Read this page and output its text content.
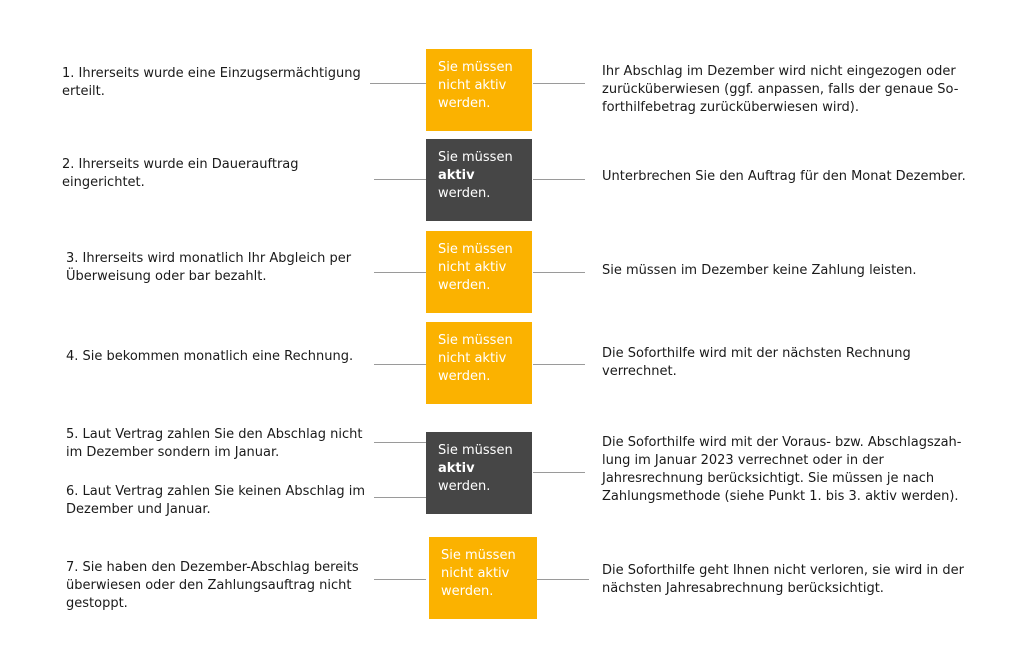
1. Ihrerseits wurde eine Einzugsermächtigung
erteilt.
Sie müssen
nicht aktiv
werden.
Ihr Abschlag im Dezember wird nicht eingezogen oder
zurücküberwiesen (ggf. anpassen, falls der genaue So-
forthilfebetrag zurücküberwiesen wird).
2. Ihrerseits wurde ein Dauerauftrag
eingerichtet.
Sie müssen
aktiv
werden.
Unterbrechen Sie den Auftrag für den Monat Dezember.
3. Ihrerseits wird monatlich Ihr Abgleich per
Überweisung oder bar bezahlt.
Sie müssen
nicht aktiv
werden.
Sie müssen im Dezember keine Zahlung leisten.
4. Sie bekommen monatlich eine Rechnung.
Sie müssen
nicht aktiv
werden.
Die Soforthilfe wird mit der nächsten Rechnung
verrechnet.
5. Laut Vertrag zahlen Sie den Abschlag nicht
im Dezember sondern im Januar.
6. Laut Vertrag zahlen Sie keinen Abschlag im
Dezember und Januar.
Sie müssen
aktiv
werden.
Die Soforthilfe wird mit der Voraus- bzw. Abschlagszah-
lung im Januar 2023 verrechnet oder in der
Jahresrechnung berücksichtigt. Sie müssen je nach
Zahlungsmethode (siehe Punkt 1. bis 3. aktiv werden).
7. Sie haben den Dezember-Abschlag bereits
überwiesen oder den Zahlungsauftrag nicht
gestoppt.
Sie müssen
nicht aktiv
werden.
Die Soforthilfe geht Ihnen nicht verloren, sie wird in der
nächsten Jahresabrechnung berücksichtigt.
